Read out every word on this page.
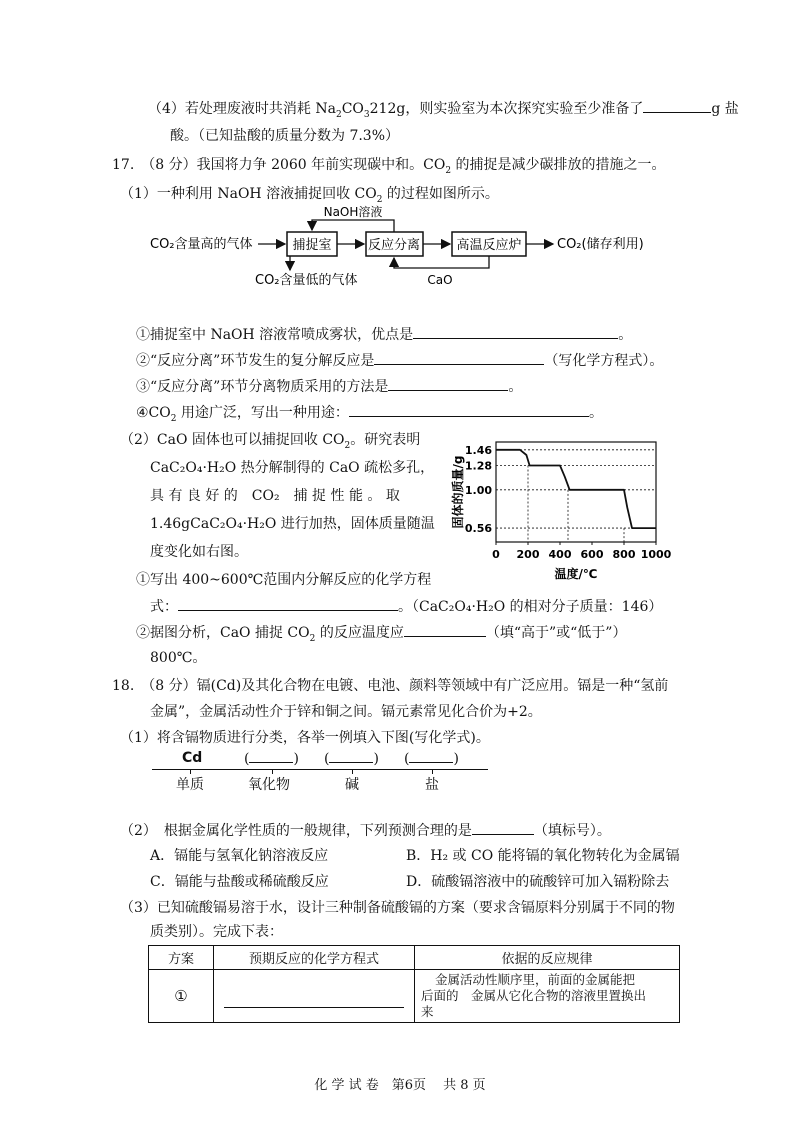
（4）若处理废液时共消耗 $Na_2CO_3212g$，则实验室为本次探究实验至少准备了	g 盐
酸。（已知盐酸的质量分数为 7.3%）
17.　（8 分）我国将力争 2060 年前实现碳中和。$CO_2$ 的捕捉是减少碳排放的措施之一。
（1）一种利用 NaOH 溶液捕捉回收 $CO_2$ 的过程如图所示。
CO₂含量高的气体	捕捉室	反应分离	高温反应炉	CO₂(储存利用)
NaOH溶液
CO₂含量低的气体	CaO
①捕捉室中 NaOH 溶液常喷成雾状，优点是	。
②“反应分离”环节发生的复分解反应是	（写化学方程式）。
③“反应分离”环节分离物质采用的方法是	。
$④CO_2$ 用途广泛，写出一种用途：	。
（2）CaO 固体也可以捕捉回收 $CO_2$。研究表明
CaC₂O₄·H₂O 热分解制得的 CaO 疏松多孔，
具 有 良 好 的　CO₂　捕 捉 性 能 。 取
1.46gCaC₂O₄·H₂O 进行加热，固体质量随温
度变化如右图。
①写出 400~600℃范围内分解反应的化学方程
式：	。（CaC₂O₄·H₂O 的相对分子质量：146）
②据图分析，CaO 捕捉 $CO_2$ 的反应温度应	（填“高于”或“低于”）
800℃。
0.56
1.00
1.28
1.46
0 200 400 600 800 1000
固体的质量/g
温度/℃
18.　（8 分）镉(Cd)及其化合物在电镀、电池、颜料等领域中有广泛应用。镉是一种“氢前
金属”，金属活动性介于锌和铜之间。镉元素常见化合价为+2。
（1）将含镉物质进行分类，各举一例填入下图(写化学式)。
Cd	(	) (	) (	)
单质	氧化物	碱	盐
（2）　根据金属化学性质的一般规律，下列预测合理的是	（填标号）。
A．镉能与氢氧化钠溶液反应	B．H₂ 或 CO 能将镉的氧化物转化为金属镉
C．镉能与盐酸或稀硫酸反应	D．硫酸镉溶液中的硫酸锌可加入镉粉除去
（3）已知硫酸镉易溶于水，设计三种制备硫酸镉的方案（要求含镉原料分别属于不同的物
质类别）。完成下表：
方案	预期反应的化学方程式	依据的反应规律
①		金属活动性顺序里，前面的金属能把
后面的　金属从它化合物的溶液里置换出
来
化 学 试 卷　第6页　 共 8 页
